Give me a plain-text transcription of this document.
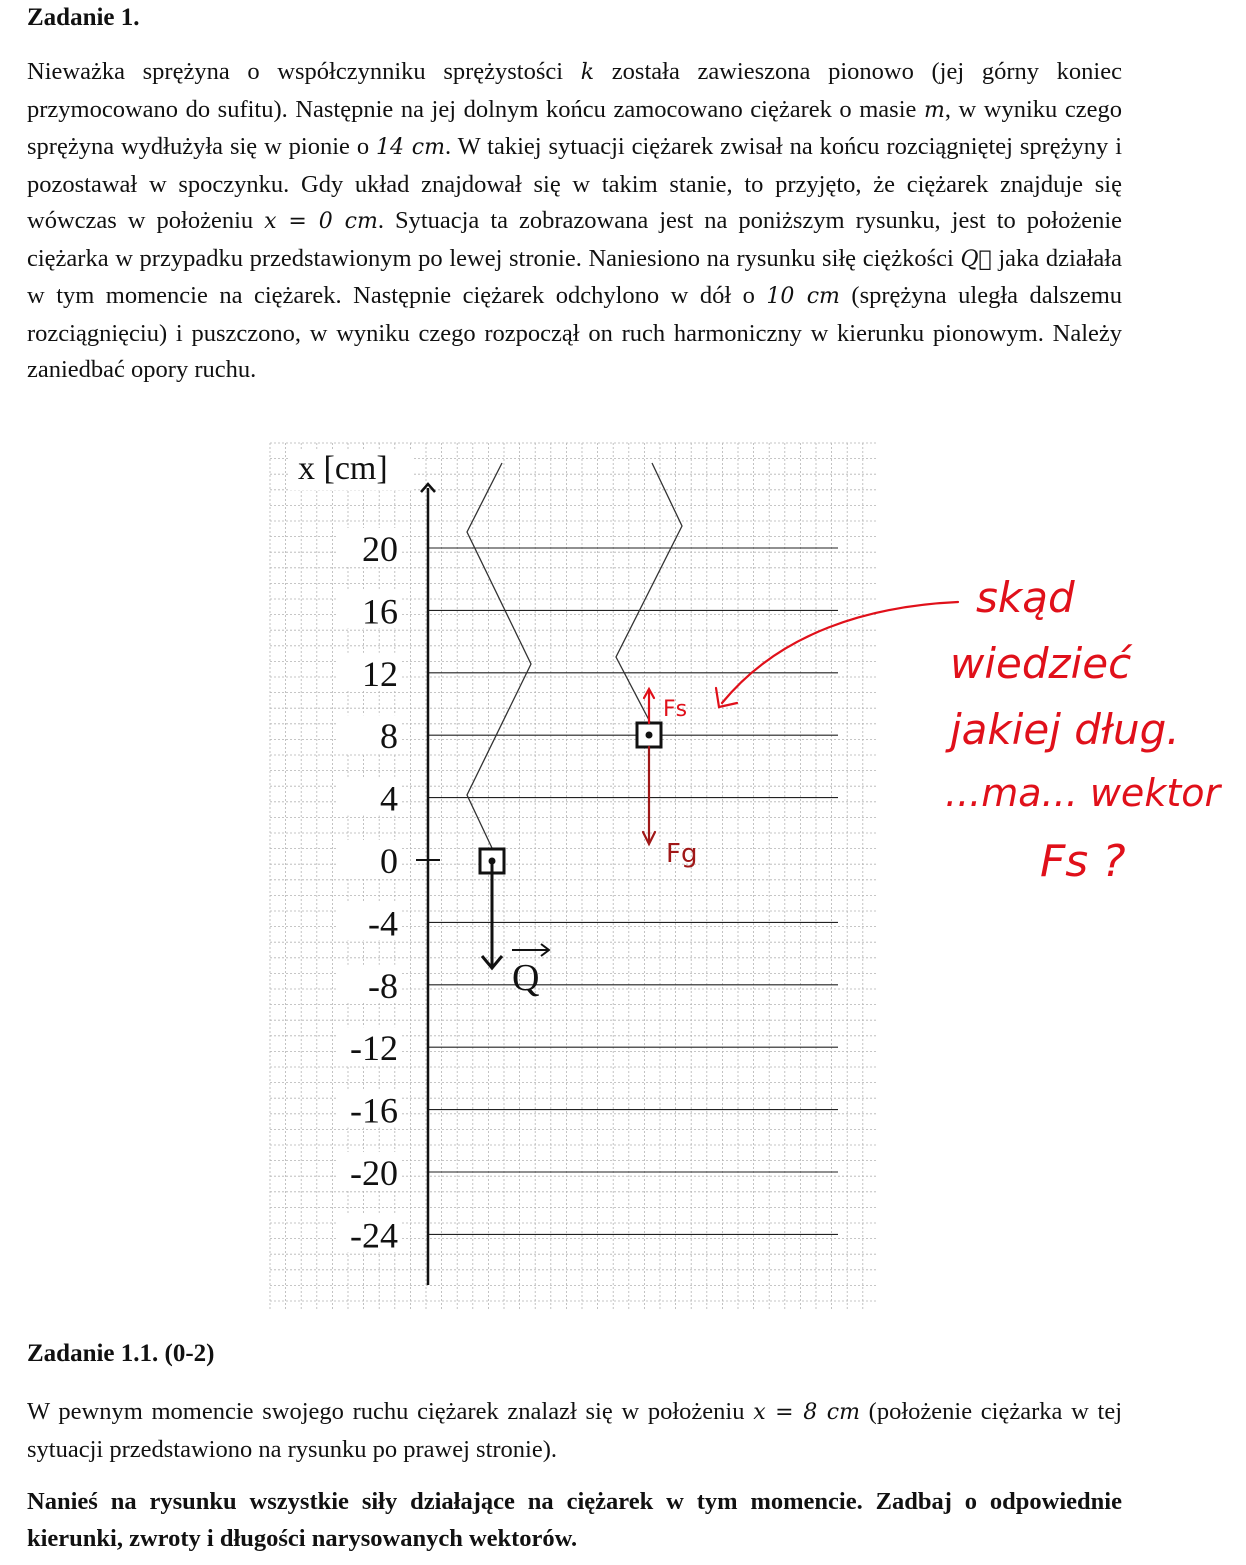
Zadanie 1.

Nieważka sprężyna o współczynniku sprężystości k została zawieszona pionowo (jej górny koniec przymocowano do sufitu). Następnie na jej dolnym końcu zamocowano ciężarek o masie m, w wyniku czego sprężyna wydłużyła się w pionie o 14 cm. W takiej sytuacji ciężarek zwisał na końcu rozciągniętej sprężyny i pozostawał w spoczynku. Gdy układ znajdował się w takim stanie, to przyjęto, że ciężarek znajduje się wówczas w położeniu x = 0 cm. Sytuacja ta zobrazowana jest na poniższym rysunku, jest to położenie ciężarka w przypadku przedstawionym po lewej stronie. Naniesiono na rysunku siłę ciężkości Q⃗ jaka działała w tym momencie na ciężarek. Następnie ciężarek odchylono w dół o 10 cm (sprężyna uległa dalszemu rozciągnięciu) i puszczono, w wyniku czego rozpoczął on ruch harmoniczny w kierunku pionowym. Należy zaniedbać opory ruchu.

x [cm]
20
16
12
8
4
0
-4
-8
-12
-16
-20
-24
Q
Fs
Fg
skąd
wiedzieć
jakiej dług.
...ma... wektor
Fs ?
Zadanie 1.1. (0-2)

W pewnym momencie swojego ruchu ciężarek znalazł się w położeniu x = 8 cm (położenie ciężarka w tej sytuacji przedstawiono na rysunku po prawej stronie).

Nanieś na rysunku wszystkie siły działające na ciężarek w tym momencie. Zadbaj o odpowiednie kierunki, zwroty i długości narysowanych wektorów.
